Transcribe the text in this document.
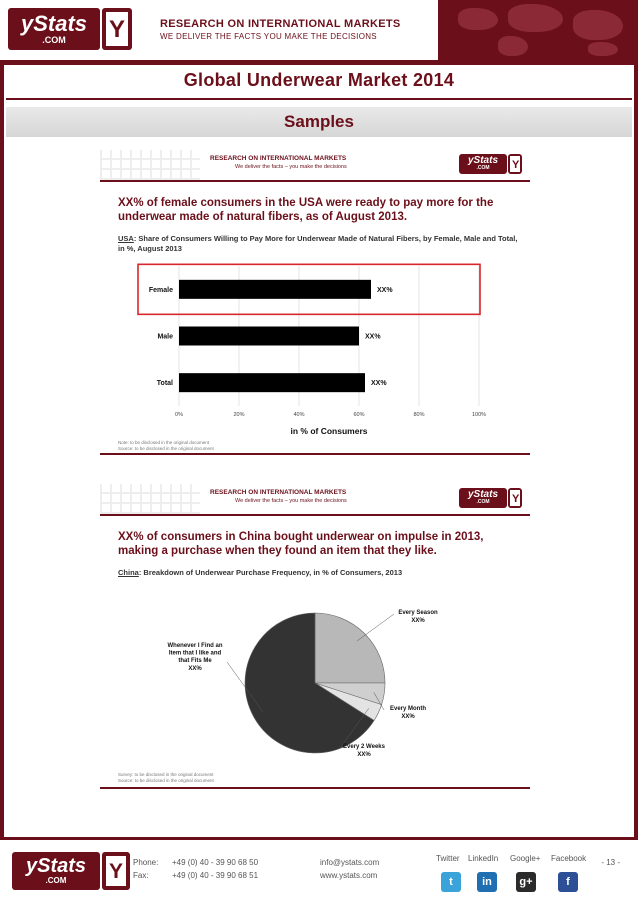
yStats
.COM	Y	RESEARCH ON INTERNATIONAL MARKETS
WE DELIVER THE FACTS YOU MAKE THE DECISIONS
Global Underwear Market 2014
Samples
RESEARCH ON INTERNATIONAL MARKETS
We deliver the facts – you make the decisions
yStats
.COM	Y
XX% of female consumers in the USA were ready to pay more for the underwear made of natural fibers, as of August 2013.
USA: Share of Consumers Willing to Pay More for Underwear Made of Natural Fibers, by Female, Male and Total, in %, August 2013
0%	20%	40%	60%	80%	100%
Female	XX%
Male	XX%
Total	XX%
in % of Consumers
Note: to be disclosed in the original document
Source: to be disclosed in the original document
RESEARCH ON INTERNATIONAL MARKETS
We deliver the facts – you make the decisions
yStats
.COM	Y
XX% of consumers in China bought underwear on impulse in 2013, making a purchase when they found an item that they like.
China: Breakdown of Underwear Purchase Frequency, in % of Consumers, 2013
Every Season
XX%
Every Month
XX%
Every 2 Weeks
XX%
Whenever I Find an
Item that I like and
that Fits Me
XX%
Survey: to be disclosed in the original document
Source: to be disclosed in the original document
yStats
.COM	Y	Phone: +49 (0) 40 - 39 90 68 50
Fax:	+49 (0) 40 - 39 90 68 51
info@ystats.com
www.ystats.com
Twitter LinkedIn Google+ Facebook
t	in	g+	f
- 13 -
